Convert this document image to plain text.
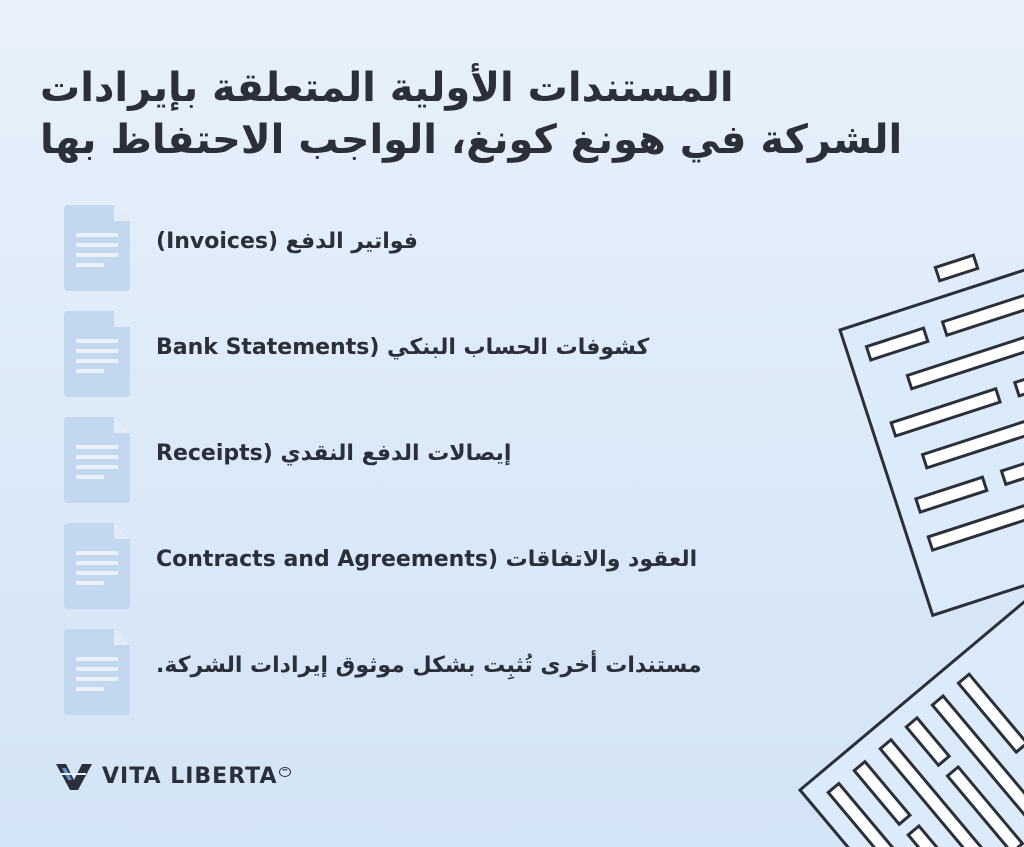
المستندات الأولية المتعلقة بإيرادات
الشركة في هونغ كونغ، الواجب الاحتفاظ بها
فواتير الدفع (Invoices)
كشوفات الحساب البنكي (Bank Statements
إيصالات الدفع النقدي (Receipts
العقود والاتفاقات (Contracts and Agreements
مستندات أخرى تُثبِت بشكل موثوق إيرادات الشركة.
VITA LIBERTA ™
